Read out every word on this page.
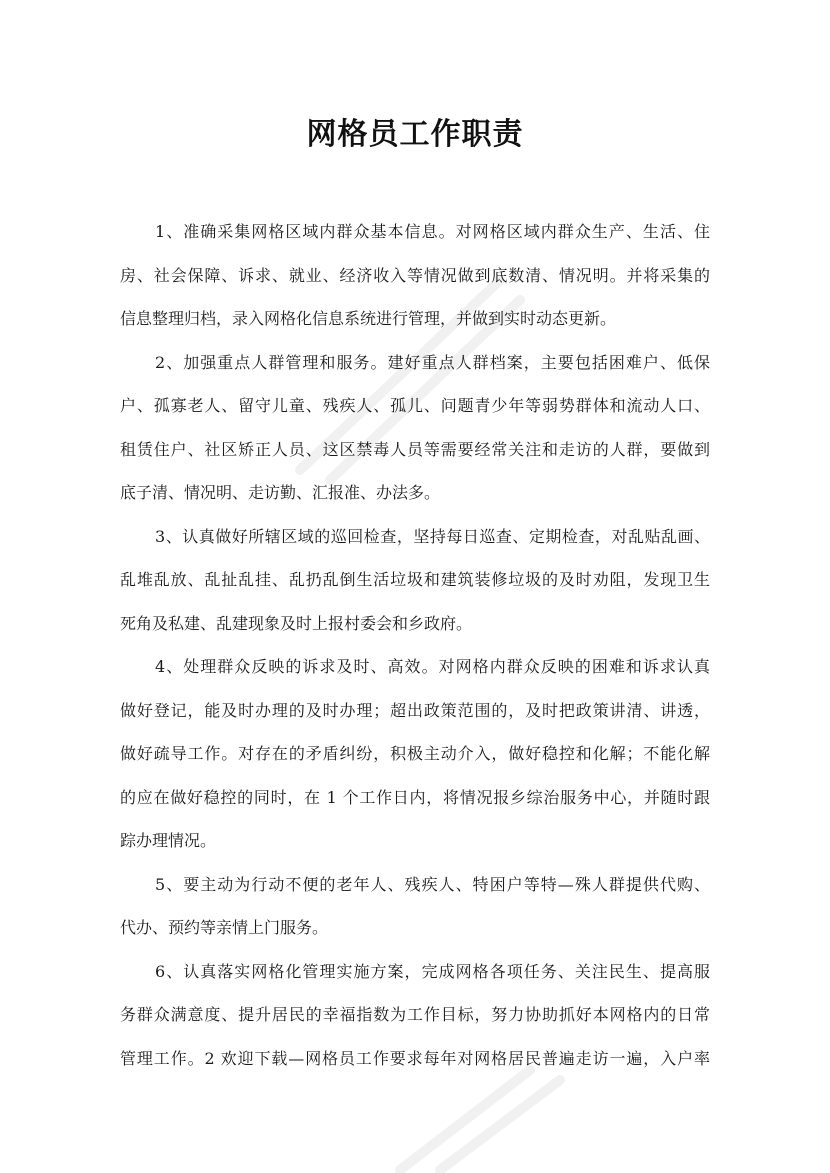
网格员工作职责
1、准确采集网格区域内群众基本信息。对网格区域内群众生产、生活、住
房、社会保障、诉求、就业、经济收入等情况做到底数清、情况明。并将采集的
信息整理归档，录入网格化信息系统进行管理，并做到实时动态更新。
2、加强重点人群管理和服务。建好重点人群档案，主要包括困难户、低保
户、孤寡老人、留守儿童、残疾人、孤儿、问题青少年等弱势群体和流动人口、
租赁住户、社区矫正人员、这区禁毒人员等需要经常关注和走访的人群，要做到
底子清、情况明、走访勤、汇报准、办法多。
3、认真做好所辖区域的巡回检查，坚持每日巡查、定期检查，对乱贴乱画、
乱堆乱放、乱扯乱挂、乱扔乱倒生活垃圾和建筑装修垃圾的及时劝阻，发现卫生
死角及私建、乱建现象及时上报村委会和乡政府。
4、处理群众反映的诉求及时、高效。对网格内群众反映的困难和诉求认真
做好登记，能及时办理的及时办理；超出政策范围的，及时把政策讲清、讲透，
做好疏导工作。对存在的矛盾纠纷，积极主动介入，做好稳控和化解；不能化解
的应在做好稳控的同时，在 1 个工作日内，将情况报乡综治服务中心，并随时跟
踪办理情况。
5、要主动为行动不便的老年人、残疾人、特困户等特—殊人群提供代购、
代办、预约等亲情上门服务。
6、认真落实网格化管理实施方案，完成网格各项任务、关注民生、提高服
务群众满意度、提升居民的幸福指数为工作目标，努力协助抓好本网格内的日常
管理工作。2 欢迎下载—网格员工作要求每年对网格居民普遍走访一遍，入户率
